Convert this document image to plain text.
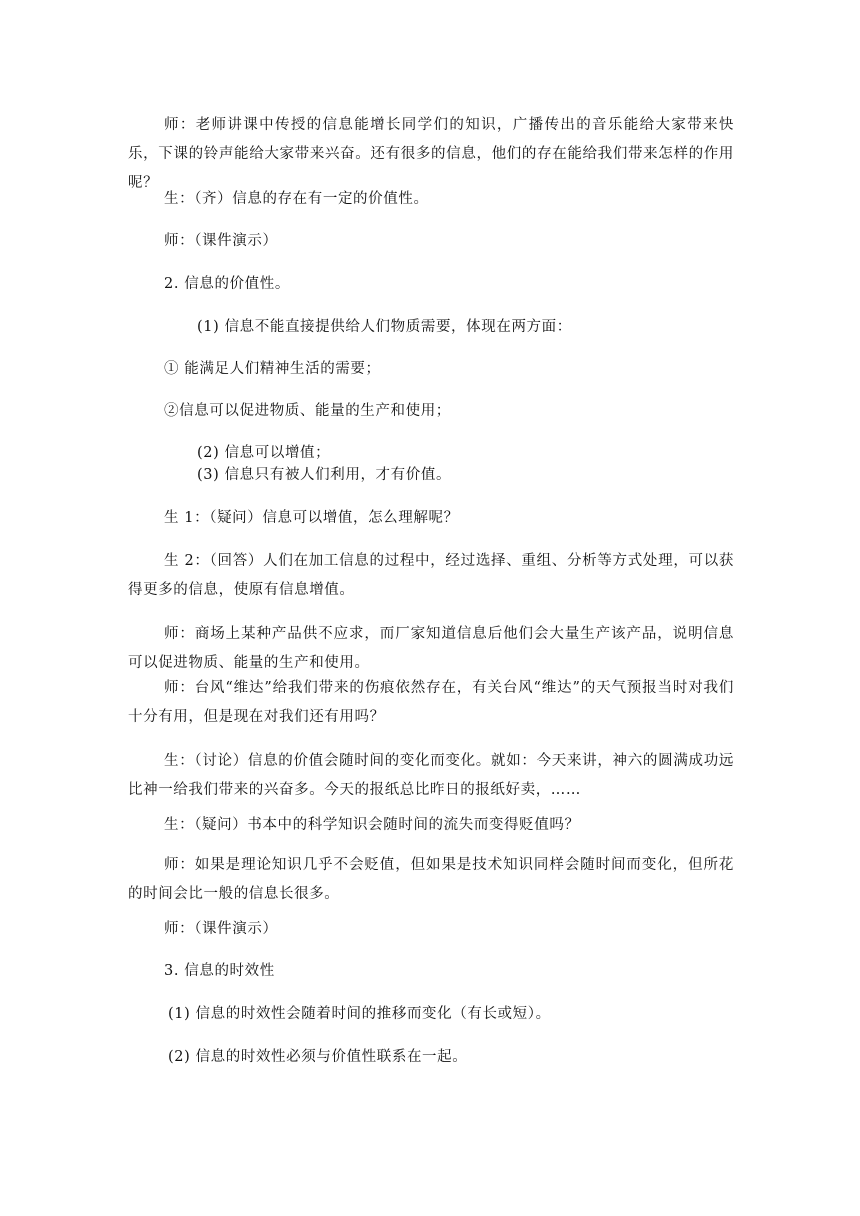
师：老师讲课中传授的信息能增长同学们的知识，广播传出的音乐能给大家带来快乐，下课的铃声能给大家带来兴奋。还有很多的信息，他们的存在能给我们带来怎样的作用呢？

生：（齐）信息的存在有一定的价值性。

师：（课件演示）

2. 信息的价值性。

(1) 信息不能直接提供给人们物质需要，体现在两方面：

① 能满足人们精神生活的需要；

②信息可以促进物质、能量的生产和使用；

(2) 信息可以增值；

(3) 信息只有被人们利用，才有价值。

生 1：（疑问）信息可以增值，怎么理解呢？

生 2：（回答）人们在加工信息的过程中，经过选择、重组、分析等方式处理，可以获得更多的信息，使原有信息增值。

师：商场上某种产品供不应求，而厂家知道信息后他们会大量生产该产品，说明信息可以促进物质、能量的生产和使用。

师：台风“维达”给我们带来的伤痕依然存在，有关台风“维达”的天气预报当时对我们十分有用，但是现在对我们还有用吗？

生：（讨论）信息的价值会随时间的变化而变化。就如：今天来讲，神六的圆满成功远比神一给我们带来的兴奋多。今天的报纸总比昨日的报纸好卖，……

生：（疑问）书本中的科学知识会随时间的流失而变得贬值吗？

师：如果是理论知识几乎不会贬值，但如果是技术知识同样会随时间而变化，但所花的时间会比一般的信息长很多。

师：（课件演示）

3. 信息的时效性

(1) 信息的时效性会随着时间的推移而变化（有长或短）。

(2) 信息的时效性必须与价值性联系在一起。
